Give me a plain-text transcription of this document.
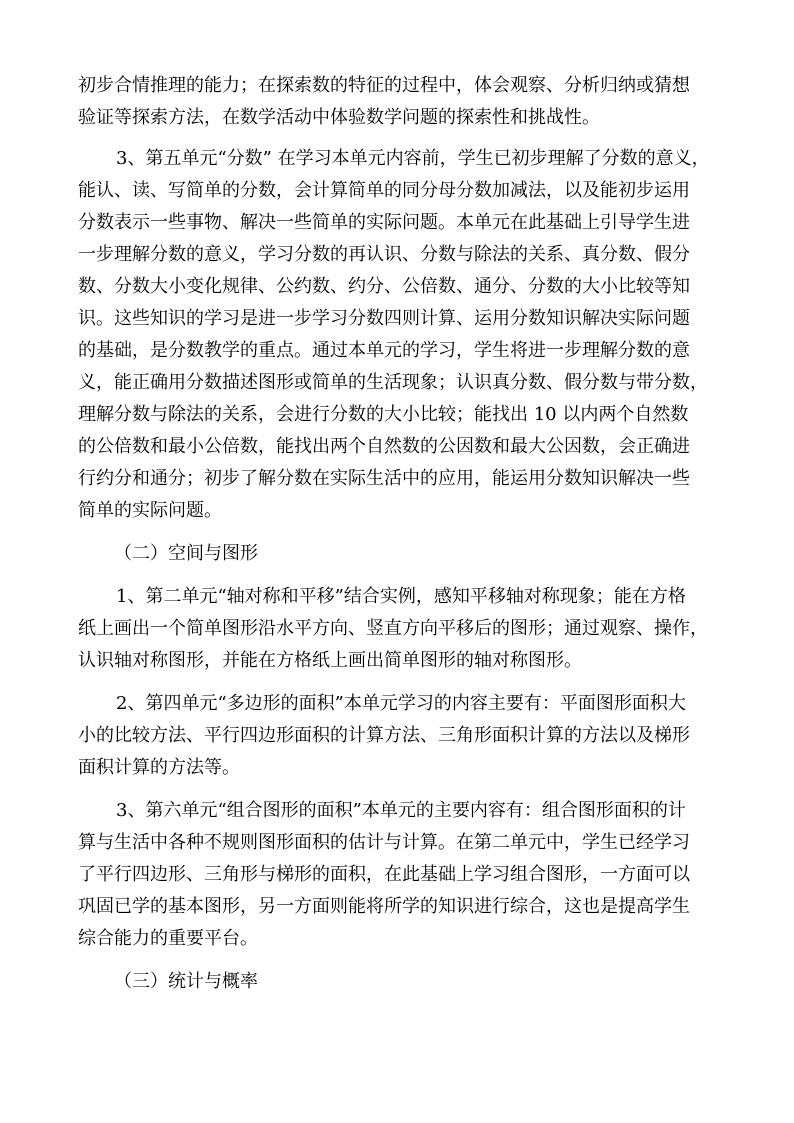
初步合情推理的能力；在探索数的特征的过程中，体会观察、分析归纳或猜想
验证等探索方法，在数学活动中体验数学问题的探索性和挑战性。
3、第五单元“分数” 在学习本单元内容前，学生已初步理解了分数的意义，
能认、读、写简单的分数，会计算简单的同分母分数加减法，以及能初步运用
分数表示一些事物、解决一些简单的实际问题。本单元在此基础上引导学生进
一步理解分数的意义，学习分数的再认识、分数与除法的关系、真分数、假分
数、分数大小变化规律、公约数、约分、公倍数、通分、分数的大小比较等知
识。这些知识的学习是进一步学习分数四则计算、运用分数知识解决实际问题
的基础，是分数教学的重点。通过本单元的学习，学生将进一步理解分数的意
义，能正确用分数描述图形或简单的生活现象；认识真分数、假分数与带分数，
理解分数与除法的关系，会进行分数的大小比较；能找出 10 以内两个自然数
的公倍数和最小公倍数，能找出两个自然数的公因数和最大公因数，会正确进
行约分和通分；初步了解分数在实际生活中的应用，能运用分数知识解决一些
简单的实际问题。
（二）空间与图形
1、第二单元“轴对称和平移”结合实例，感知平移轴对称现象；能在方格
纸上画出一个简单图形沿水平方向、竖直方向平移后的图形；通过观察、操作，
认识轴对称图形，并能在方格纸上画出简单图形的轴对称图形。
2、第四单元“多边形的面积”本单元学习的内容主要有：平面图形面积大
小的比较方法、平行四边形面积的计算方法、三角形面积计算的方法以及梯形
面积计算的方法等。
3、第六单元“组合图形的面积”本单元的主要内容有：组合图形面积的计
算与生活中各种不规则图形面积的估计与计算。在第二单元中，学生已经学习
了平行四边形、三角形与梯形的面积，在此基础上学习组合图形，一方面可以
巩固已学的基本图形，另一方面则能将所学的知识进行综合，这也是提高学生
综合能力的重要平台。
（三）统计与概率
